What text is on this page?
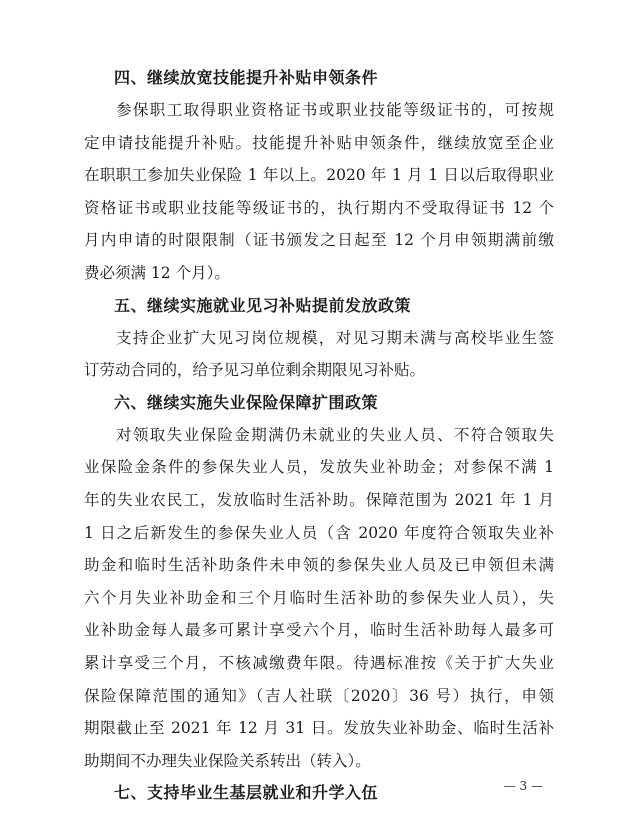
四、继续放宽技能提升补贴申领条件
参保职工取得职业资格证书或职业技能等级证书的，可按规
定申请技能提升补贴。技能提升补贴申领条件，继续放宽至企业
在职职工参加失业保险 1 年以上。2020 年 1 月 1 日以后取得职业
资格证书或职业技能等级证书的，执行期内不受取得证书 12 个
月内申请的时限限制（证书颁发之日起至 12 个月申领期满前缴
费必须满 12 个月）。
五、继续实施就业见习补贴提前发放政策
支持企业扩大见习岗位规模，对见习期未满与高校毕业生签
订劳动合同的，给予见习单位剩余期限见习补贴。
六、继续实施失业保险保障扩围政策
对领取失业保险金期满仍未就业的失业人员、不符合领取失
业保险金条件的参保失业人员，发放失业补助金；对参保不满 1
年的失业农民工，发放临时生活补助。保障范围为 2021 年 1 月
1 日之后新发生的参保失业人员（含 2020 年度符合领取失业补
助金和临时生活补助条件未申领的参保失业人员及已申领但未满
六个月失业补助金和三个月临时生活补助的参保失业人员），失
业补助金每人最多可累计享受六个月，临时生活补助每人最多可
累计享受三个月，不核减缴费年限。待遇标准按《关于扩大失业
保险保障范围的通知》（吉人社联〔2020〕36 号）执行，申领
期限截止至 2021 年 12 月 31 日。发放失业补助金、临时生活补
助期间不办理失业保险关系转出（转入）。
七、支持毕业生基层就业和升学入伍	— 3 —
